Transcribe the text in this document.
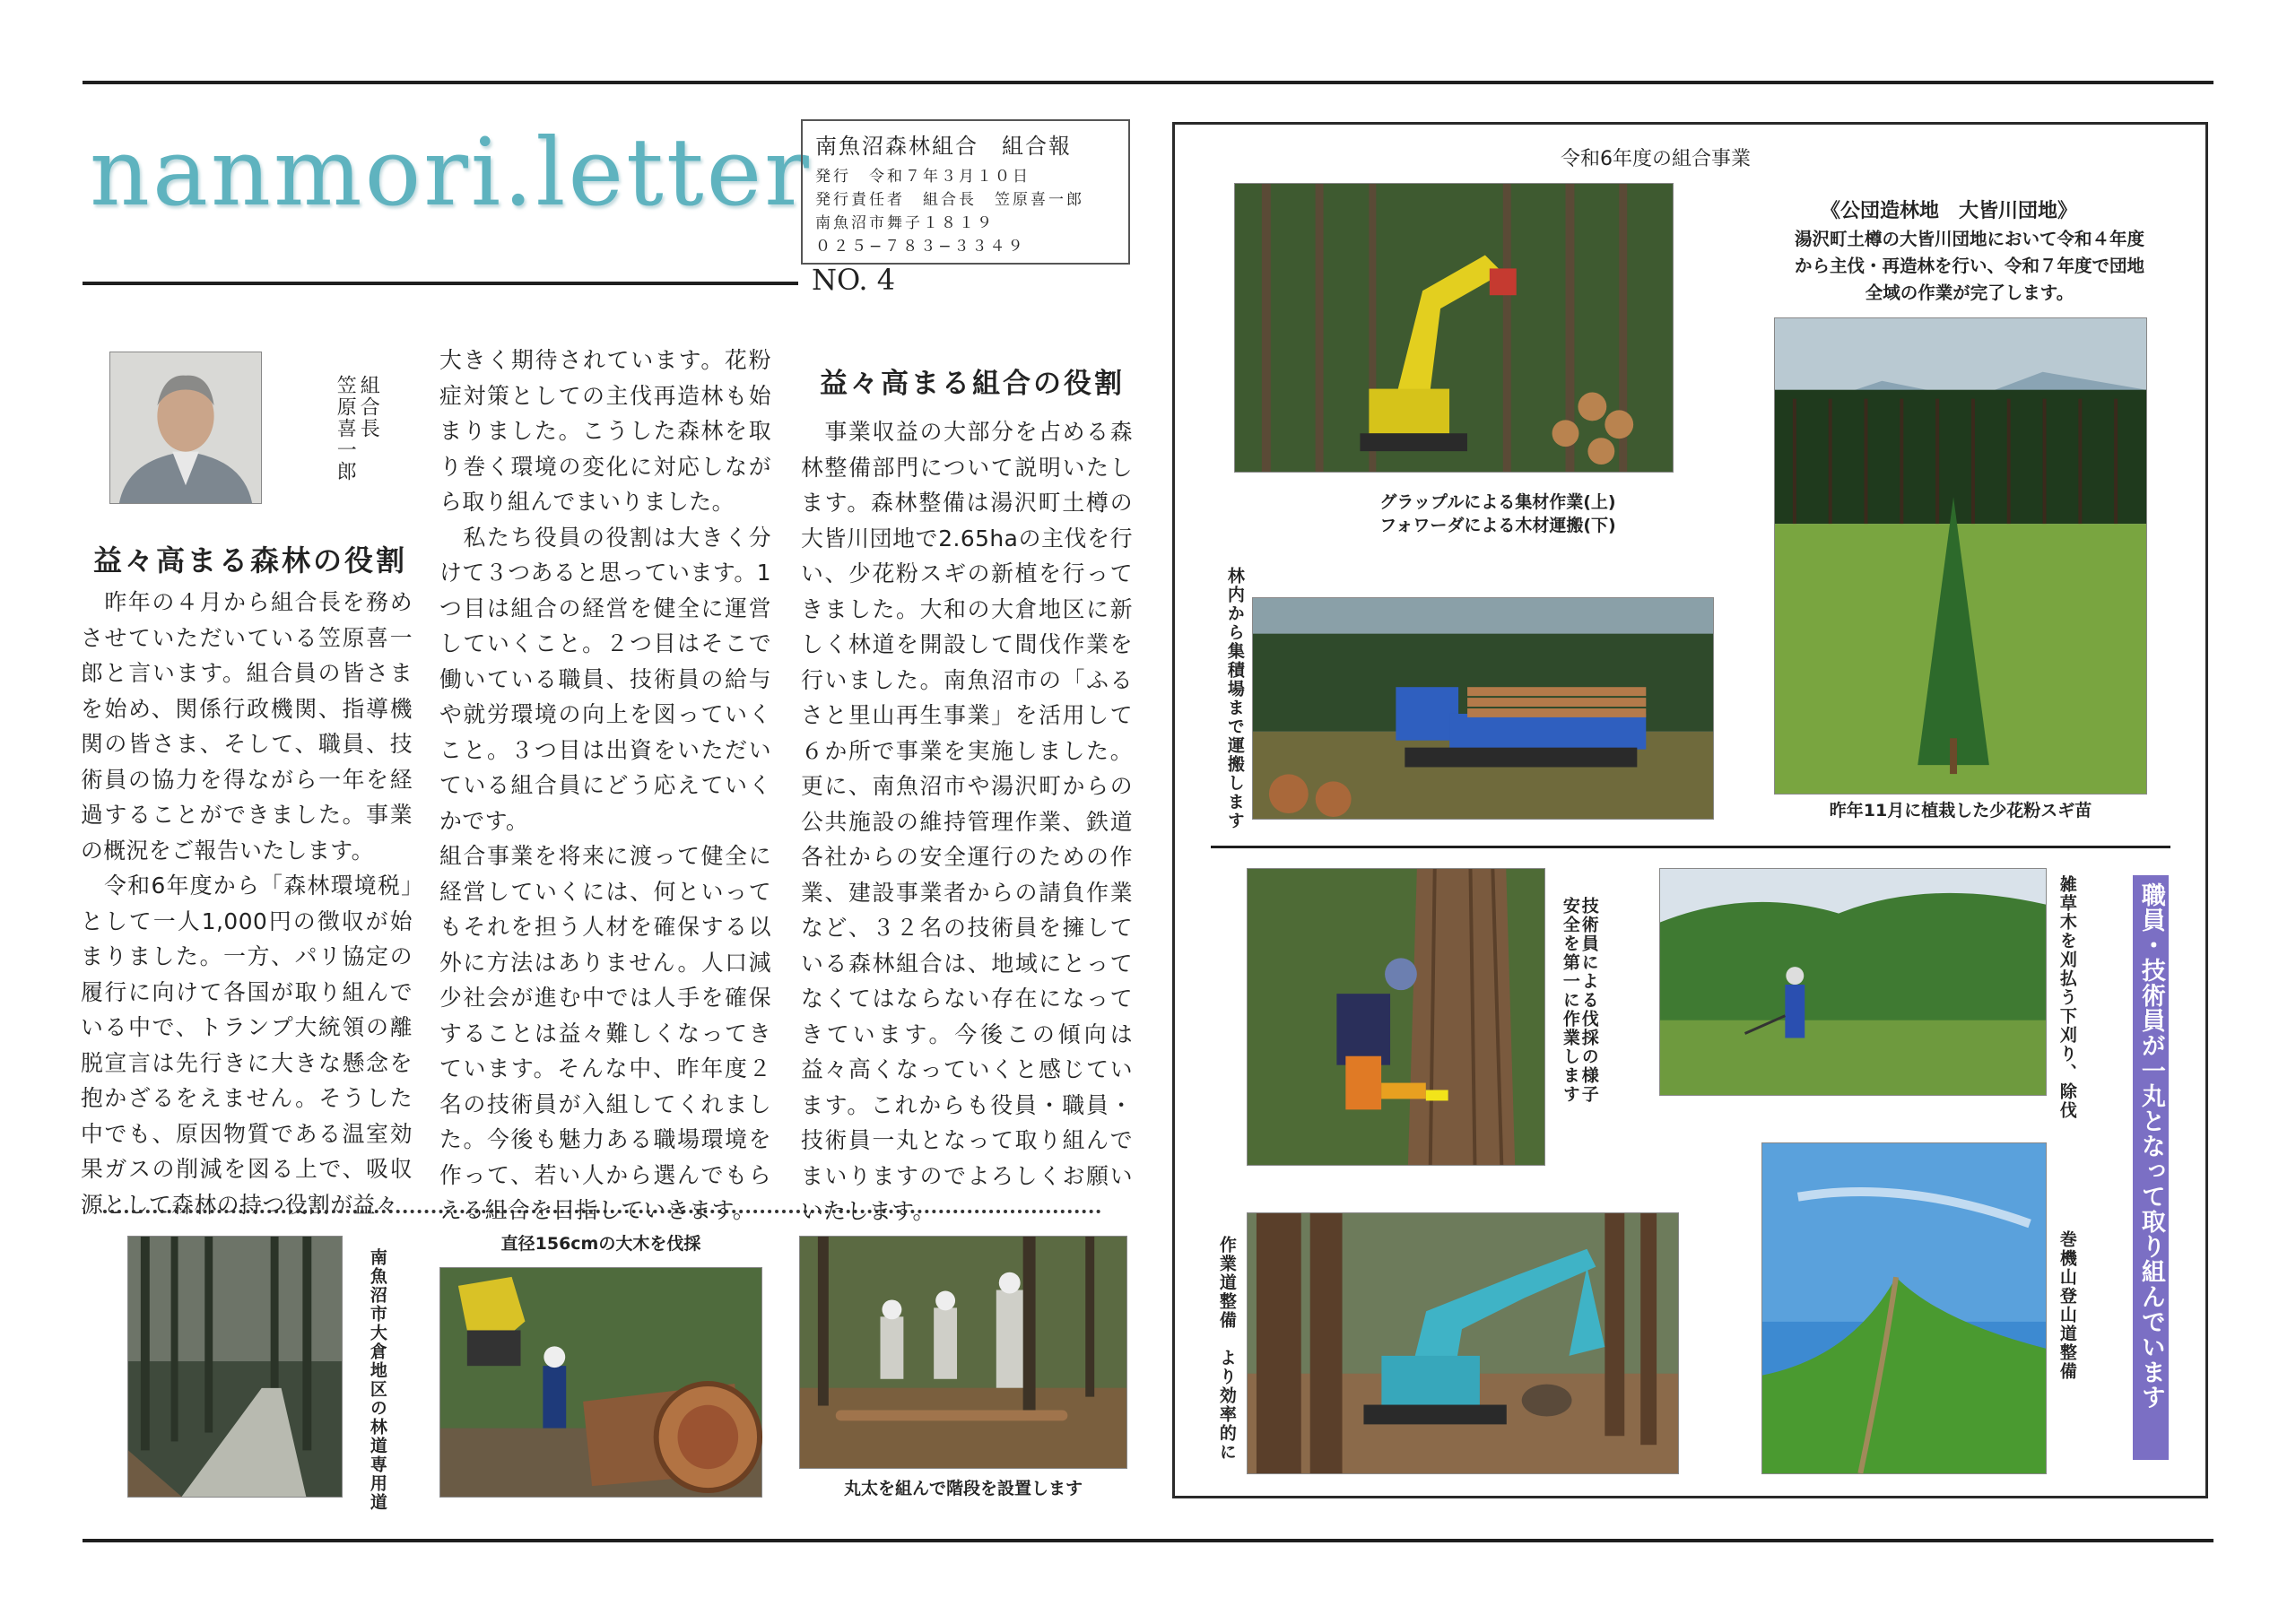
nanmori.letter 南魚沼森林組合　組合報
発行　令和７年３月１０日
発行責任者　組合長　笠原喜一郎
南魚沼市舞子１８１９
０２５−７８３−３３４９
NO. 4
組合長
笠原喜一郎
益々高まる森林の役割
　昨年の４月から組合長を務めさせていただいている笠原喜一郎と言います。組合員の皆さまを始め、関係行政機関、指導機関の皆さま、そして、職員、技術員の協力を得ながら一年を経過することができました。事業の概況をご報告いたします。
　令和6年度から「森林環境税」として一人1,000円の徴収が始まりました。一方、パリ協定の履行に向けて各国が取り組んでいる中で、トランプ大統領の離脱宣言は先行きに大きな懸念を抱かざるをえません。そうした中でも、原因物質である温室効果ガスの削減を図る上で、吸収源として森林の持つ役割が益々
大きく期待されています。花粉症対策としての主伐再造林も始まりました。こうした森林を取り巻く環境の変化に対応しながら取り組んでまいりました。
　私たち役員の役割は大きく分けて３つあると思っています。1つ目は組合の経営を健全に運営していくこと。２つ目はそこで働いている職員、技術員の給与や就労環境の向上を図っていくこと。３つ目は出資をいただいている組合員にどう応えていくかです。
組合事業を将来に渡って健全に経営していくには、何といってもそれを担う人材を確保する以外に方法はありません。人口減少社会が進む中では人手を確保することは益々難しくなってきています。そんな中、昨年度２名の技術員が入組してくれました。今後も魅力ある職場環境を作って、若い人から選んでもらえる組合を目指していきます。
益々高まる組合の役割
　事業収益の大部分を占める森林整備部門について説明いたします。森林整備は湯沢町土樽の大皆川団地で2.65haの主伐を行い、少花粉スギの新植を行ってきました。大和の大倉地区に新しく林道を開設して間伐作業を行いました。南魚沼市の「ふるさと里山再生事業」を活用して６か所で事業を実施しました。更に、南魚沼市や湯沢町からの公共施設の維持管理作業、鉄道各社からの安全運行のための作業、建設事業者からの請負作業など、３２名の技術員を擁している森林組合は、地域にとってなくてはならない存在になってきています。今後この傾向は益々高くなっていくと感じています。これからも役員・職員・技術員一丸となって取り組んでまいりますのでよろしくお願いいたします。
南魚沼市大倉地区の林道専用道
直径156cmの大木を伐採
丸太を組んで階段を設置します
令和6年度の組合事業
グラップルによる集材作業(上)
フォワーダによる木材運搬(下)
林内から集積場まで運搬します
《公団造林地　大皆川団地》
湯沢町土樽の大皆川団地において令和４年度から主伐・再造林を行い、令和７年度で団地全域の作業が完了します。
昨年11月に植栽した少花粉スギ苗
技術員による伐採の様子
安全を第一に作業します	雑草木を刈払う下刈り、除伐
作業道整備　より効率的に	巻機山登山道整備 職員・技術員が一丸となって取り組んでいます
